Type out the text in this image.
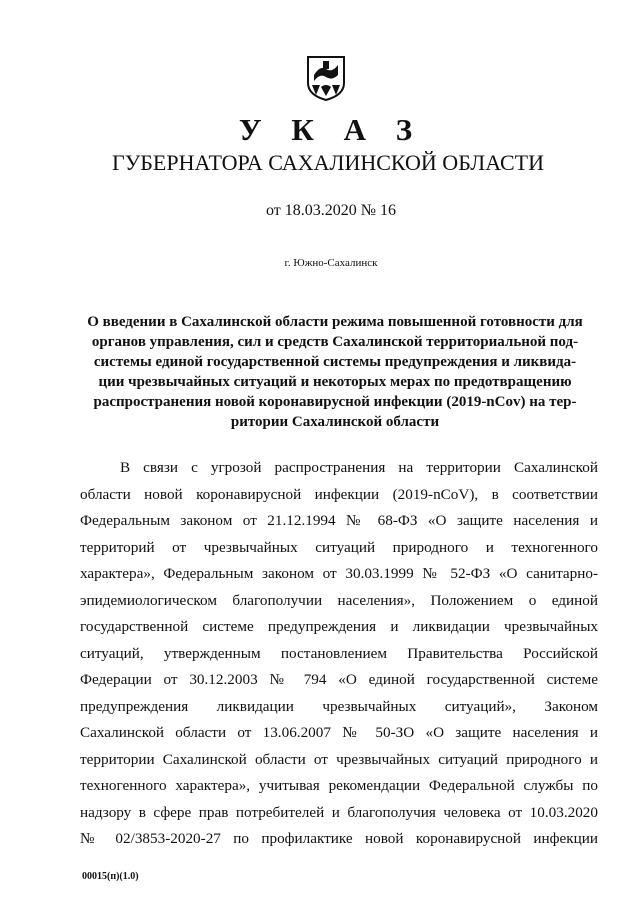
У К А З
ГУБЕРНАТОРА САХАЛИНСКОЙ ОБЛАСТИ
от 18.03.2020 № 16
г. Южно-Сахалинск
О введении в Сахалинской области режима повышенной готовности для
органов управления, сил и средств Сахалинской территориальной под-
системы единой государственной системы предупреждения и ликвида-
ции чрезвычайных ситуаций и некоторых мерах по предотвращению
распространения новой коронавирусной инфекции (2019-nCov) на тер-
ритории Сахалинской области
В связи с угрозой распространения на территории Сахалинской
области новой коронавирусной инфекции (2019-nCoV), в соответствии
Федеральным законом от 21.12.1994 № 68-ФЗ «О защите населения и
территорий от чрезвычайных ситуаций природного и техногенного
характера», Федеральным законом от 30.03.1999 № 52-ФЗ «О санитарно-
эпидемиологическом благополучии населения», Положением о единой
государственной системе предупреждения и ликвидации чрезвычайных
ситуаций, утвержденным постановлением Правительства Российской
Федерации от 30.12.2003 № 794 «О единой государственной системе
предупреждения ликвидации чрезвычайных ситуаций», Законом
Сахалинской области от 13.06.2007 № 50-ЗО «О защите населения и
территории Сахалинской области от чрезвычайных ситуаций природного и
техногенного характера», учитывая рекомендации Федеральной службы по
надзору в сфере прав потребителей и благополучия человека от 10.03.2020
№ 02/3853-2020-27 по профилактике новой коронавирусной инфекции
00015(п)(1.0)
